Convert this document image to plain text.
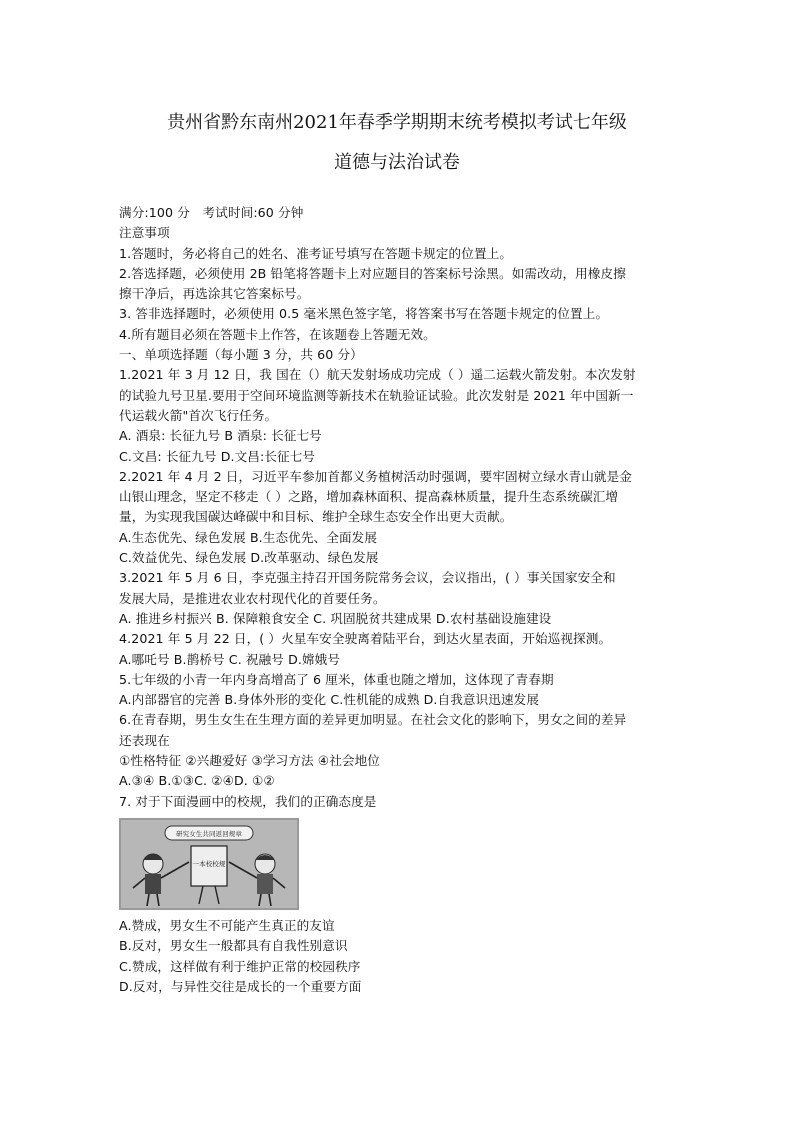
贵州省黔东南州2021年春季学期期末统考模拟考试七年级
道德与法治试卷

满分:100 分　考试时间:60 分钟

注意事项

1.答题时，务必将自己的姓名、准考证号填写在答题卡规定的位置上。

2.答选择题，必须使用 2B 铅笔将答题卡上对应题目的答案标号涂黑。如需改动，用橡皮擦

擦干净后，再选涂其它答案标号。

3. 答非选择题时，必须使用 0.5 毫米黑色签字笔，将答案书写在答题卡规定的位置上。

4.所有题目必须在答题卡上作答，在该题卷上答题无效。

一、单项选择题（每小题 3 分，共 60 分）

1.2021 年 3 月 12 日，我 国在（）航天发射场成功完成（ ）遥二运载火箭发射。本次发射

的试验九号卫星.要用于空间环境监测等新技术在轨验证试验。此次发射是 2021 年中国新一

代运载火箭"首次飞行任务。

A. 酒泉: 长征九号 B 酒泉: 长征七号

C.文昌: 长征九号 D.文昌:长征七号

2.2021 年 4 月 2 日，习近平车参加首都义务植树活动时强调，要牢固树立绿水青山就是金

山银山理念，坚定不移走（ ）之路，增加森林面积、提高森林质量，提升生态系统碳汇增

量，为实现我国碳达峰碳中和目标、维护全球生态安全作出更大贡献。

A.生态优先、绿色发展 B.生态优先、全面发展

C.效益优先、绿色发展 D.改革驱动、绿色发展

3.2021 年 5 月 6 日，李克强主持召开国务院常务会议，会议指出，( ）事关国家安全和

发展大局，是推进农业农村现代化的首要任务。

A. 推进乡村振兴 B. 保障粮食安全 C. 巩固脱贫共建成果 D.农村基础设施建设

4.2021 年 5 月 22 日，( ）火星车安全驶离着陆平台，到达火星表面，开始巡视探测。

A.哪吒号 B.鹊桥号 C. 祝融号 D.嫦娥号

5.七年级的小青一年内身高增高了 6 厘米，体重也随之增加，这体现了青春期

A.内部器官的完善 B.身体外形的变化 C.性机能的成熟 D.自我意识迅速发展

6.在青春期，男生女生在生理方面的差异更加明显。在社会文化的影响下，男女之间的差异

还表现在

①性格特征 ②兴趣爱好 ③学习方法 ④社会地位

A.③④ B.①③C. ②④D. ①②

7. 对于下面漫画中的校规，我们的正确态度是

研究女生共同返回规章
一本校校规

A.赞成，男女生不可能产生真正的友谊

B.反对，男女生一般都具有自我性别意识

C.赞成，这样做有利于维护正常的校园秩序

D.反对，与异性交往是成长的一个重要方面
